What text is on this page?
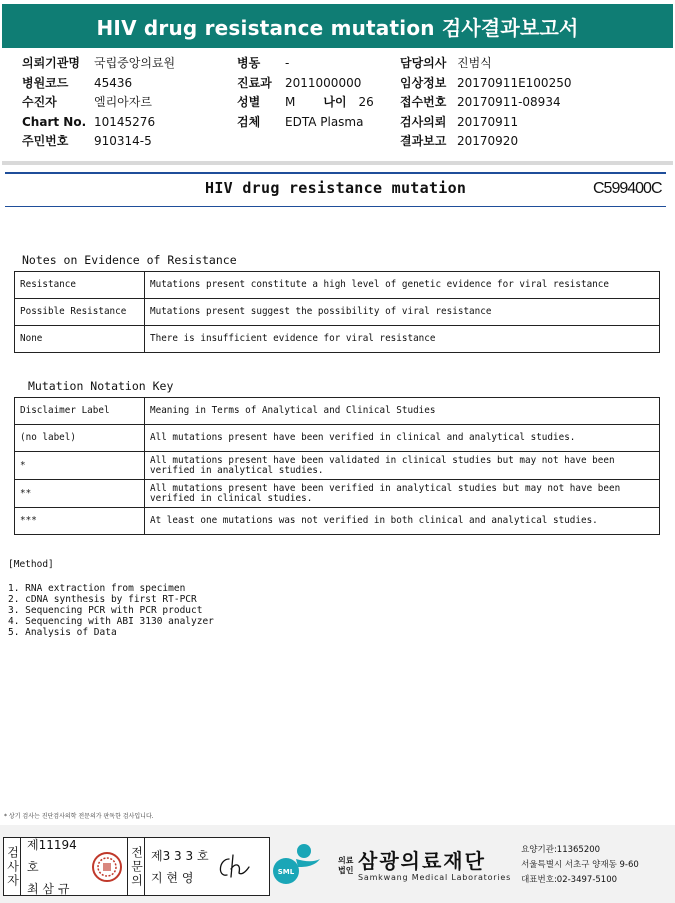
HIV drug resistance mutation 검사결과보고서
의뢰기관명	국립중앙의료원
병원코드	45436
수진자	엘리아자르
Chart No. 10145276
주민번호	910314-5
병동	-
진료과	2011000000
성별	M 나이 26
검체	EDTA Plasma
담당의사 진범식
임상정보 20170911E100250
접수번호 20170911-08934
검사의뢰 20170911
결과보고 20170920
HIV drug resistance mutation	C599400C
Notes on Evidence of Resistance
Resistance	Mutations present constitute a high level of genetic evidence for viral resistance
Possible Resistance	Mutations present suggest the possibility of viral resistance
None	There is insufficient evidence for viral resistance
Mutation Notation Key
Disclaimer Label	Meaning in Terms of Analytical and Clinical Studies
(no label)	All mutations present have been verified in clinical and analytical studies.
*	All mutations present have been validated in clinical studies but may not have been verified in analytical studies.
**	All mutations present have been verified in analytical studies but may not have been verified in clinical studies.
***	At least one mutations was not verified in both clinical and analytical studies.
[Method]
1. RNA extraction from specimen
2. cDNA synthesis by first RT-PCR
3. Sequencing PCR with PCR product
4. Sequencing with ABI 3130 analyzer
5. Analysis of Data
* 상기 검사는 진단검사의학 전문의가 판독한 검사입니다.
검사자
제11194호
최 삼 규
전문의 제3 3 3 호
지 현 영	SML
의료법인 삼광의료재단
Samkwang Medical Laboratories
요양기관:11365200
서울특별시 서초구 양재동 9-60
대표번호:02-3497-5100
